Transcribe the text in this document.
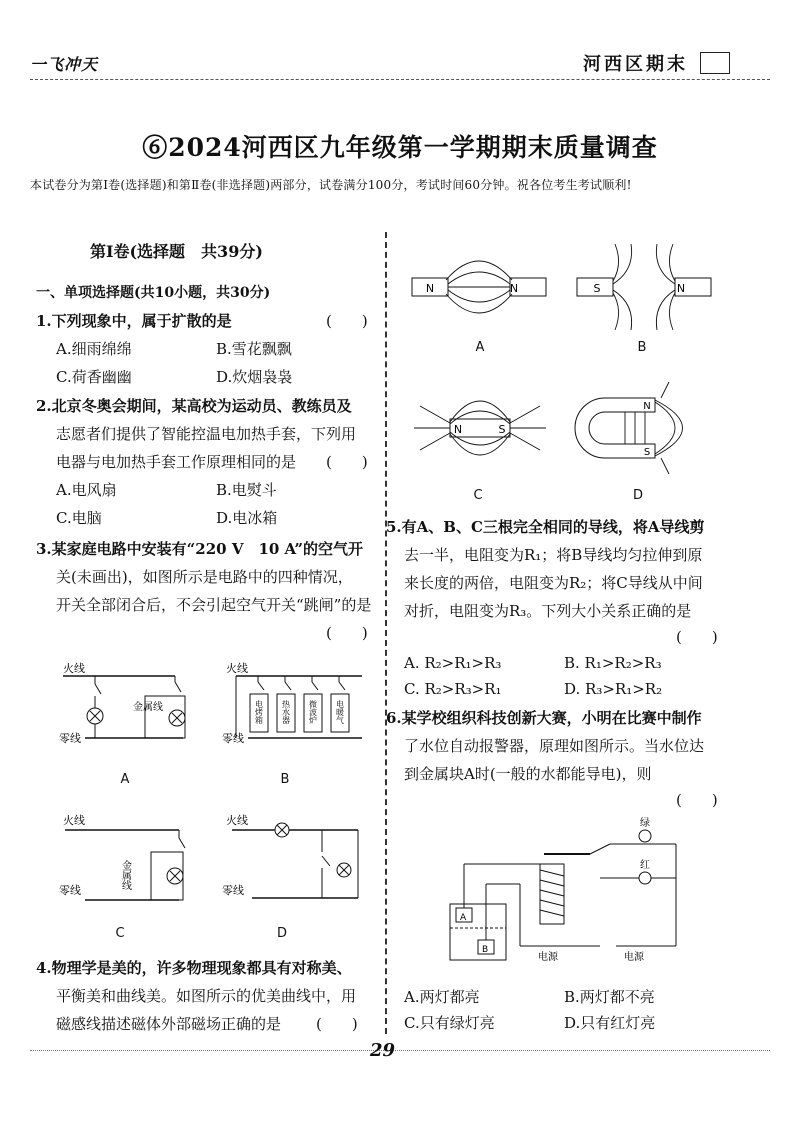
一飞冲天	河西区期末
⑥2024河西区九年级第一学期期末质量调查
本试卷分为第Ⅰ卷(选择题)和第Ⅱ卷(非选择题)两部分，试卷满分100分，考试时间60分钟。祝各位考生考试顺利!
第Ⅰ卷(选择题　共39分)
一、单项选择题(共10小题，共30分)
1.下列现象中，属于扩散的是	(　　)
A.细雨绵绵	B.雪花飘飘
C.荷香幽幽	D.炊烟袅袅
2.北京冬奥会期间，某高校为运动员、教练员及
志愿者们提供了智能控温电加热手套，下列用
电器与电加热手套工作原理相同的是 (　　)
A.电风扇	B.电熨斗
C.电脑	D.电冰箱
3.某家庭电路中安装有“220 V　10 A”的空气开
关(未画出)，如图所示是电路中的四种情况，
开关全部闭合后，不会引起空气开关“跳闸”的是
(　　)
火线
零线
金属线
A
火线
零线
电烤箱 热水器 微波炉 电暖气
B
火线
零线
金属线
C
火线
零线
D
4.物理学是美的，许多物理现象都具有对称美、
平衡美和曲线美。如图所示的优美曲线中，用
磁感线描述磁体外部磁场正确的是 (　　)
N	N
A
S	N
B
N	S
C
N
S
D
5.有A、B、C三根完全相同的导线，将A导线剪
去一半，电阻变为R₁；将B导线均匀拉伸到原
来长度的两倍，电阻变为R₂；将C导线从中间
对折，电阻变为R₃。下列大小关系正确的是
(　　)
A. R₂>R₁>R₃	B. R₁>R₂>R₃
C. R₂>R₃>R₁	D. R₃>R₁>R₂
6.某学校组织科技创新大赛，小明在比赛中制作
了水位自动报警器，原理如图所示。当水位达
到金属块A时(一般的水都能导电)，则
(　　)
A
B
电源	电源
绿
红
A.两灯都亮	B.两灯都不亮
C.只有绿灯亮	D.只有红灯亮
29
